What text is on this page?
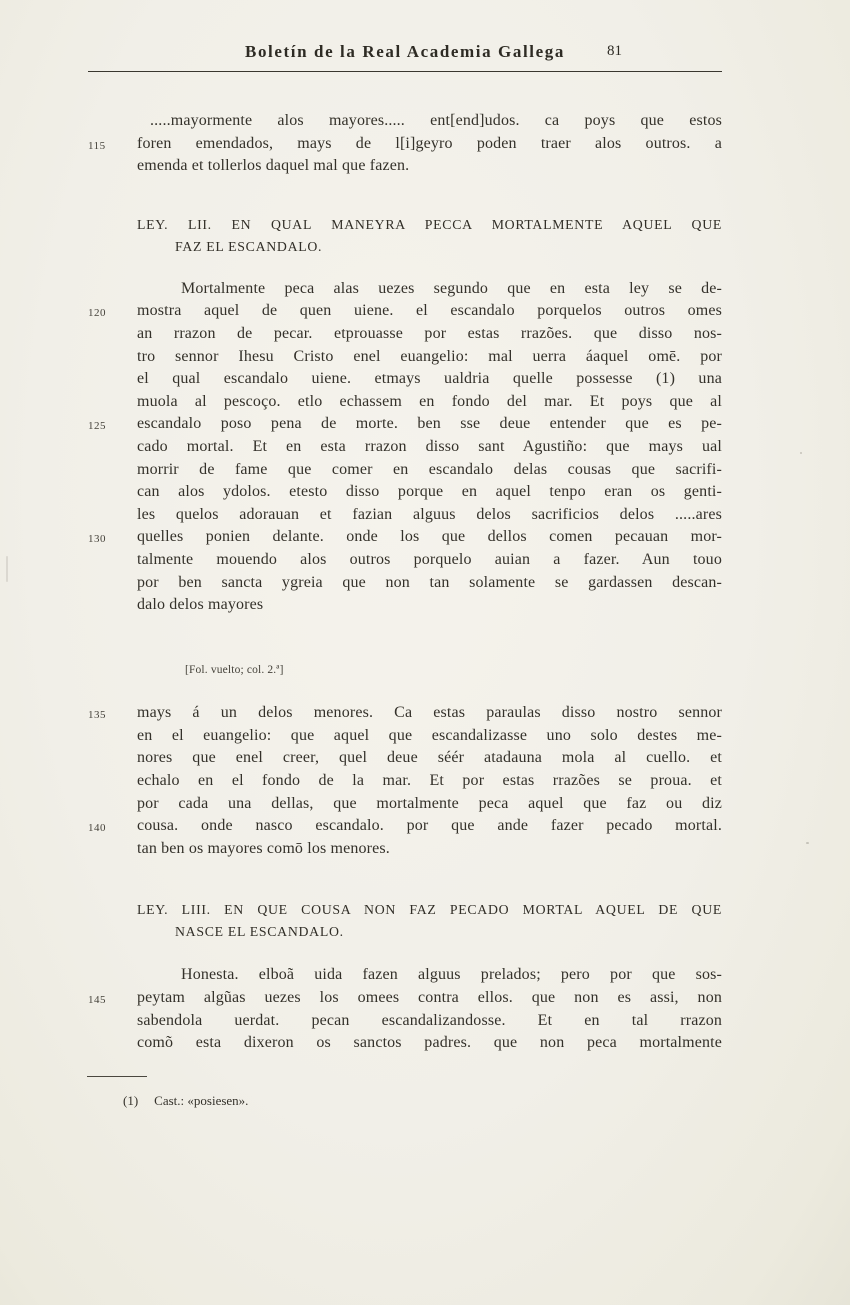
Boletín de la Real Academia Gallega	81
.....mayormente alos mayores..... ent[end]udos. ca poys que estos
115	foren emendados, mays de l[i]geyro poden traer alos outros. a
emenda et tollerlos daquel mal que fazen.
LEY. LII. EN QUAL MANEYRA PECCA MORTALMENTE AQUEL QUE
FAZ EL ESCANDALO.
Mortalmente peca alas uezes segundo que en esta ley se de-
120	mostra aquel de quen uiene. el escandalo porquelos outros omes
an rrazon de pecar. etprouasse por estas rrazões. que disso nos-
tro sennor Ihesu Cristo enel euangelio: mal uerra áaquel omē. por
el qual escandalo uiene. etmays ualdria quelle possesse (1) una
muola al pescoço. etlo echassem en fondo del mar. Et poys que al
125	escandalo poso pena de morte. ben sse deue entender que es pe-
cado mortal. Et en esta rrazon disso sant Agustiño: que mays ual
morrir de fame que comer en escandalo delas cousas que sacrifi-
can alos ydolos. etesto disso porque en aquel tenpo eran os genti-
les quelos adorauan et fazian alguus delos sacrificios delos .....ares
130	quelles ponien delante. onde los que dellos comen pecauan mor-
talmente mouendo alos outros porquelo auian a fazer. Aun touo
por ben sancta ygreia que non tan solamente se gardassen descan-
dalo delos mayores
[Fol. vuelto; col. 2.ª]
135	mays á un delos menores. Ca estas paraulas disso nostro sennor
en el euangelio: que aquel que escandalizasse uno solo destes me-
nores que enel creer, quel deue séér atadauna mola al cuello. et
echalo en el fondo de la mar. Et por estas rrazões se proua. et
por cada una dellas, que mortalmente peca aquel que faz ou diz
140	cousa. onde nasco escandalo. por que ande fazer pecado mortal.
tan ben os mayores comō los menores.
LEY. LIII. EN QUE COUSA NON FAZ PECADO MORTAL AQUEL DE QUE
NASCE EL ESCANDALO.
Honesta. elboã uida fazen alguus prelados; pero por que sos-
145	peytam algũas uezes los omees contra ellos. que non es assi, non
sabendola uerdat. pecan escandalizandosse. Et en tal rrazon
comõ esta dixeron os sanctos padres. que non peca mortalmente
(1) Cast.: «posiesen».
